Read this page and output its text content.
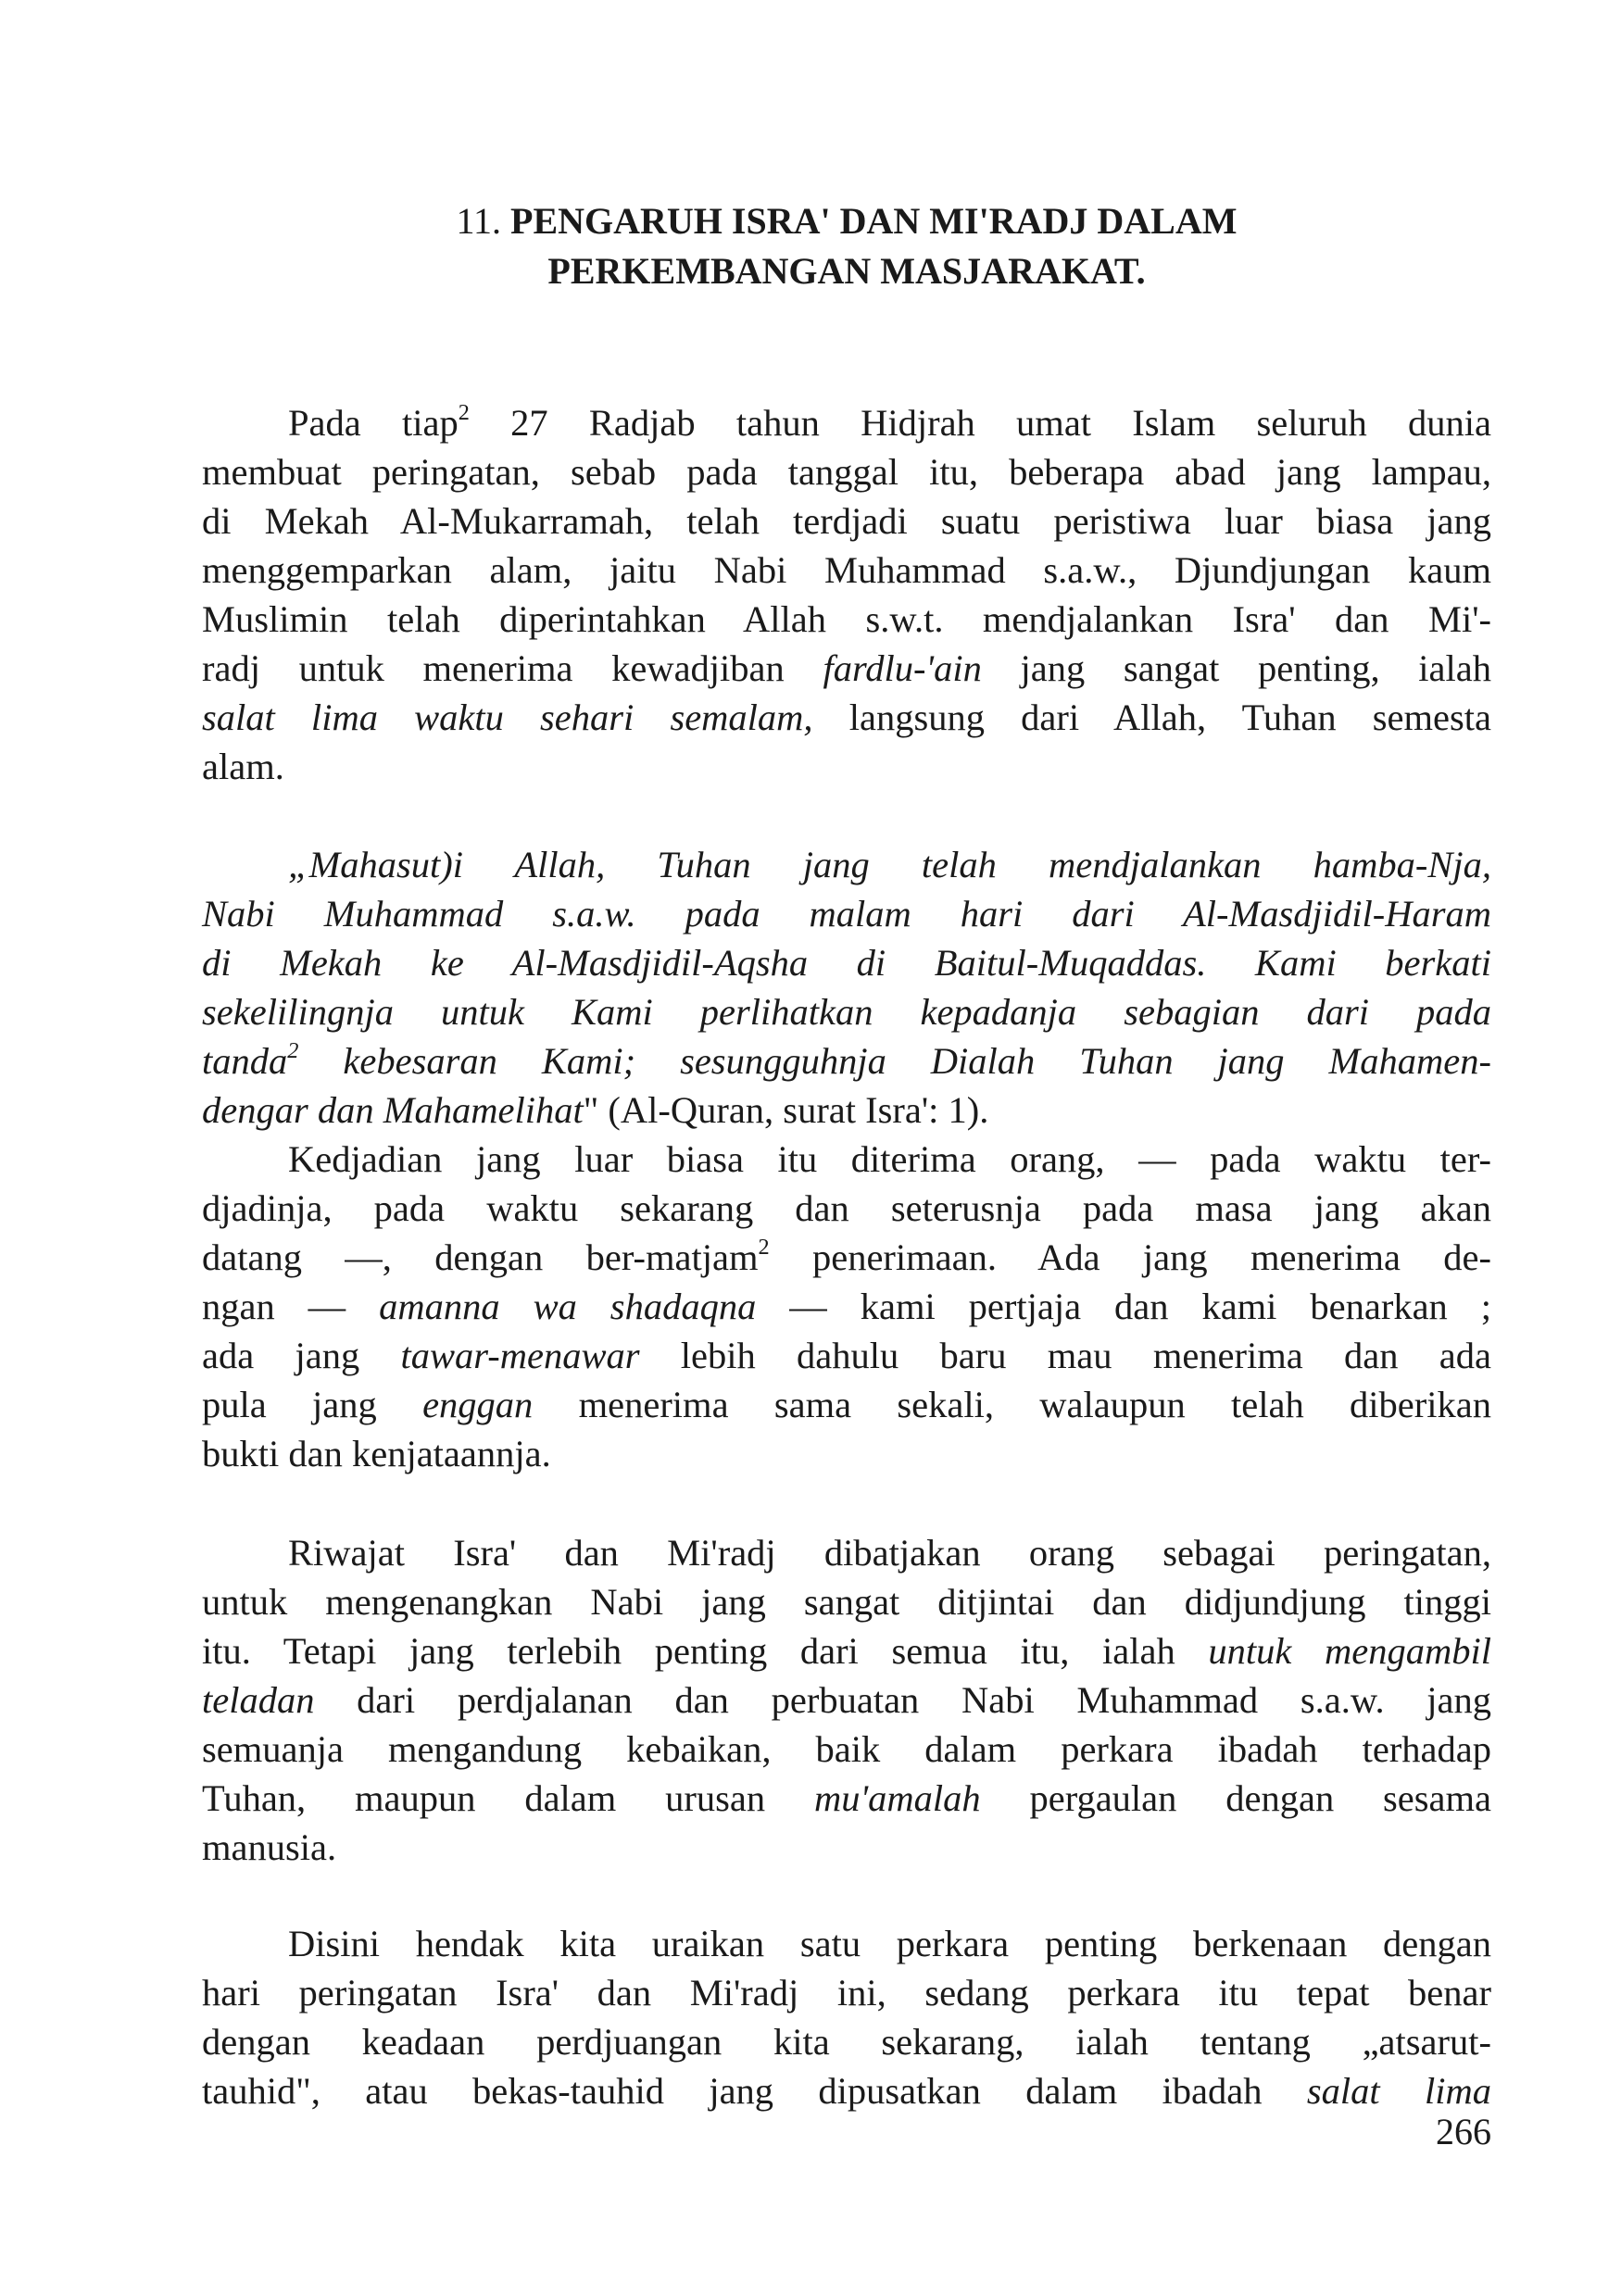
11. PENGARUH ISRA' DAN MI'RADJ DALAM
PERKEMBANGAN MASJARAKAT.
Pada tiap$^2$ 27 Radjab tahun Hidjrah umat Islam seluruh dunia
membuat peringatan, sebab pada tanggal itu, beberapa abad jang lampau,
di Mekah Al-Mukarramah, telah terdjadi suatu peristiwa luar biasa jang
menggemparkan alam, jaitu Nabi Muhammad s.a.w., Djundjungan kaum
Muslimin telah diperintahkan Allah s.w.t. mendjalankan Isra' dan Mi'-
radj untuk menerima kewadjiban fardlu-'ain jang sangat penting, ialah
salat lima waktu sehari semalam, langsung dari Allah, Tuhan semesta
alam.
„Mahasut)i Allah, Tuhan jang telah mendjalankan hamba-Nja,
Nabi Muhammad s.a.w. pada malam hari dari Al-Masdjidil-Haram
di Mekah ke Al-Masdjidil-Aqsha di Baitul-Muqaddas. Kami berkati
sekelilingnja untuk Kami perlihatkan kepadanja sebagian dari pada
tanda$^2$ kebesaran Kami; sesungguhnja Dialah Tuhan jang Mahamen-
dengar dan Mahamelihat" (Al-Quran, surat Isra': 1).
Kedjadian jang luar biasa itu diterima orang, — pada waktu ter-
djadinja, pada waktu sekarang dan seterusnja pada masa jang akan
datang —, dengan ber-matjam$^2$ penerimaan. Ada jang menerima de-
ngan — amanna wa shadaqna — kami pertjaja dan kami benarkan ;
ada jang tawar-menawar lebih dahulu baru mau menerima dan ada
pula jang enggan menerima sama sekali, walaupun telah diberikan
bukti dan kenjataannja.
Riwajat Isra' dan Mi'radj dibatjakan orang sebagai peringatan,
untuk mengenangkan Nabi jang sangat ditjintai dan didjundjung tinggi
itu. Tetapi jang terlebih penting dari semua itu, ialah untuk mengambil
teladan dari perdjalanan dan perbuatan Nabi Muhammad s.a.w. jang
semuanja mengandung kebaikan, baik dalam perkara ibadah terhadap
Tuhan, maupun dalam urusan mu'amalah pergaulan dengan sesama
manusia.
Disini hendak kita uraikan satu perkara penting berkenaan dengan
hari peringatan Isra' dan Mi'radj ini, sedang perkara itu tepat benar
dengan keadaan perdjuangan kita sekarang, ialah tentang „atsarut-
tauhid", atau bekas-tauhid jang dipusatkan dalam ibadah salat lima

266
